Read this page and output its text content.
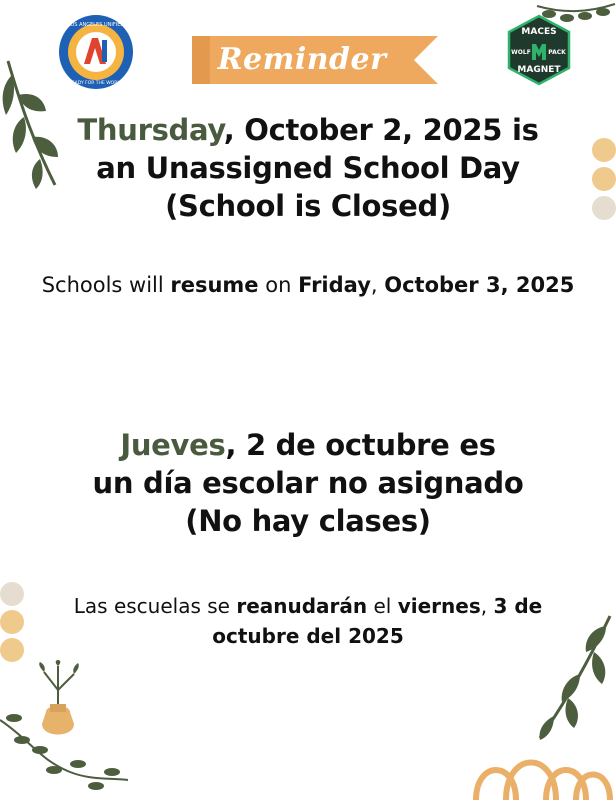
LOS ANGELES UNIFIED
READY FOR THE WORLD
Reminder
MACES
WOLF	PACK
MAGNET
Thursday, October 2, 2025 is
an Unassigned School Day
(School is Closed)
Schools will resume on Friday, October 3, 2025
Jueves, 2 de octubre es
un día escolar no asignado
(No hay clases)
Las escuelas se reanudarán el viernes, 3 de
octubre del 2025
